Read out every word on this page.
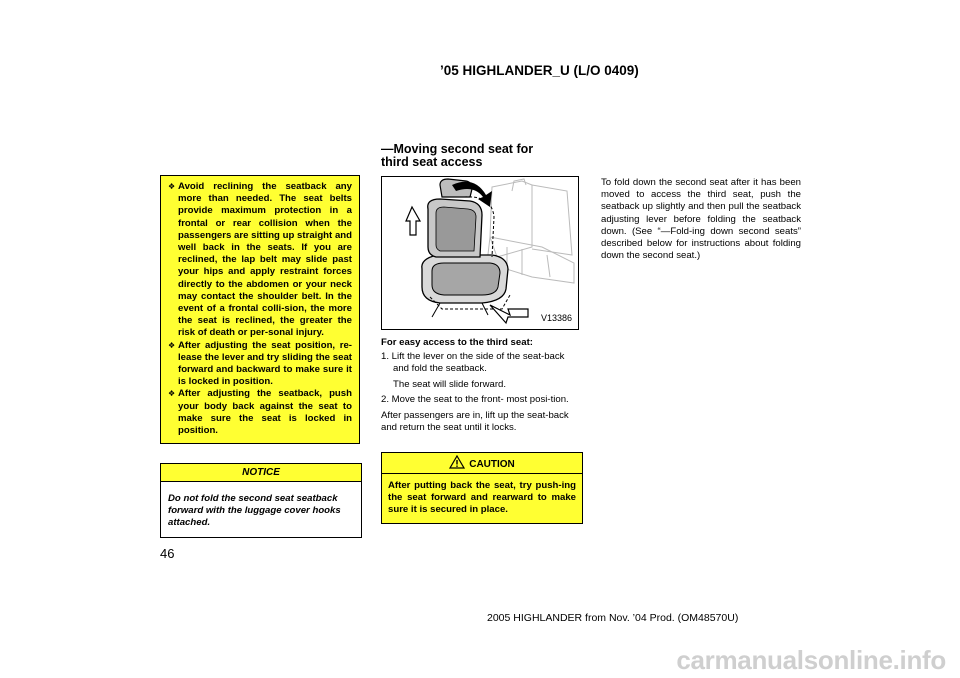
’05 HIGHLANDER_U (L/O 0409)
❖ Avoid reclining the seatback any more than needed. The seat belts provide maximum protection in a frontal or rear collision when the passengers are sitting up straight and well back in the seats. If you are reclined, the lap belt may slide past your hips and apply restraint forces directly to the abdomen or your neck may contact the shoulder belt. In the event of a frontal colli-sion, the more the seat is reclined, the greater the risk of death or per-sonal injury.
❖ After adjusting the seat position, re-lease the lever and try sliding the seat forward and backward to make sure it is locked in position.
❖ After adjusting the seatback, push your body back against the seat to make sure the seat is locked in position.
NOTICE
Do not fold the second seat seatback forward with the luggage cover hooks attached.
46
—Moving second seat for
third seat access
V13386
For easy access to the third seat:
1. Lift the lever on the side of the seat-back and fold the seatback.
The seat will slide forward.
2. Move the seat to the front- most posi-tion.
After passengers are in, lift up the seat-back and return the seat until it locks.
CAUTION
After putting back the seat, try push-ing the seat forward and rearward to make sure it is secured in place.
To fold down the second seat after it has been moved to access the third seat, push the seatback up slightly and then pull the seatback adjusting lever before folding the seatback down. (See “—Fold-ing down second seats” described below for instructions about folding down the second seat.)
2005 HIGHLANDER from Nov. ’04 Prod. (OM48570U)
carmanualsonline.info
